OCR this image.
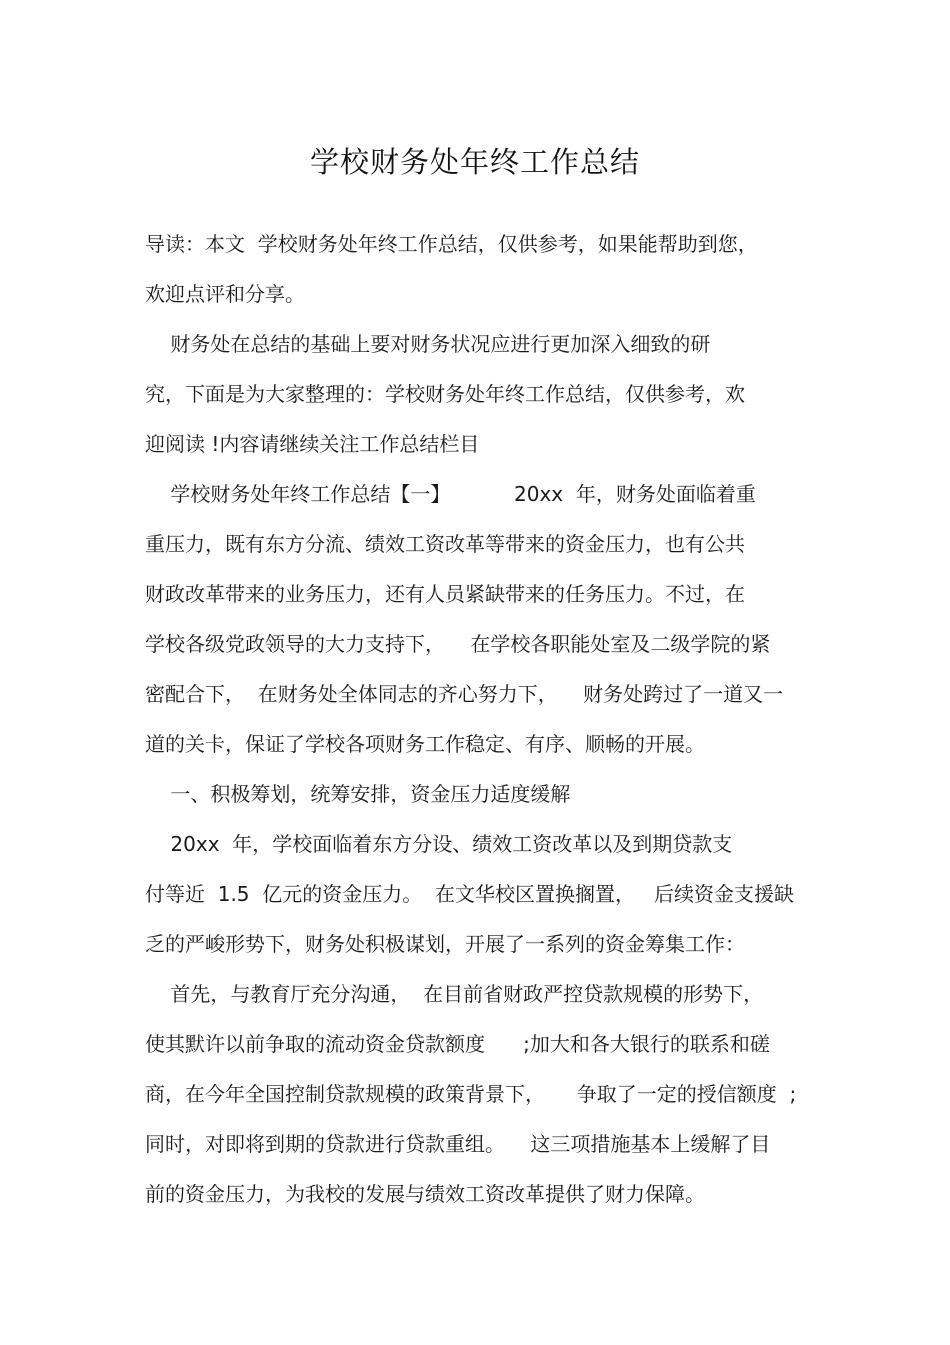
学校财务处年终工作总结
导读：本文  学校财务处年终工作总结，仅供参考，如果能帮助到您，
欢迎点评和分享。
财务处在总结的基础上要对财务状况应进行更加深入细致的研
究，下面是为大家整理的：学校财务处年终工作总结，仅供参考，欢
迎阅读 !内容请继续关注工作总结栏目
学校财务处年终工作总结【一】          20xx  年，财务处面临着重
重压力，既有东方分流、绩效工资改革等带来的资金压力，也有公共
财政改革带来的业务压力，还有人员紧缺带来的任务压力。不过，在
学校各级党政领导的大力支持下，    在学校各职能处室及二级学院的紧
密配合下，  在财务处全体同志的齐心努力下，    财务处跨过了一道又一
道的关卡，保证了学校各项财务工作稳定、有序、顺畅的开展。
一、积极筹划，统筹安排，资金压力适度缓解
20xx  年，学校面临着东方分设、绩效工资改革以及到期贷款支
付等近  1.5  亿元的资金压力。  在文华校区置换搁置，   后续资金支援缺
乏的严峻形势下，财务处积极谋划，开展了一系列的资金筹集工作：
首先，与教育厅充分沟通，  在目前省财政严控贷款规模的形势下，
使其默许以前争取的流动资金贷款额度      ;加大和各大银行的联系和磋
商，在今年全国控制贷款规模的政策背景下，     争取了一定的授信额度  ;
同时，对即将到期的贷款进行贷款重组。    这三项措施基本上缓解了目
前的资金压力，为我校的发展与绩效工资改革提供了财力保障。
